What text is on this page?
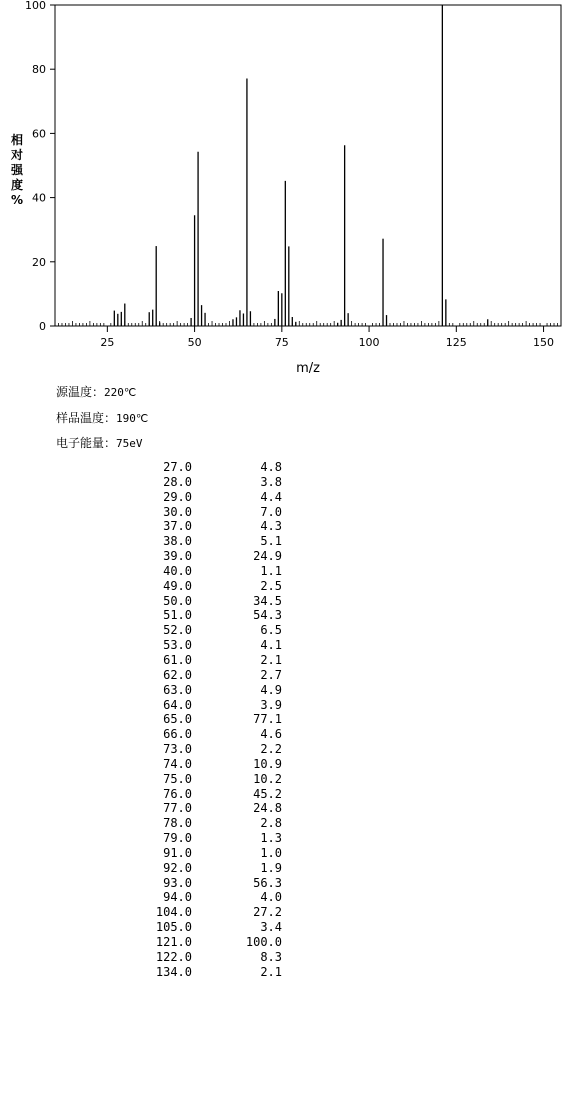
0
20
40
60
80
100
25	50	75	100	125	150
m/z
相
对
强
度
%
源温度：220℃
样品温度：190℃
电子能量：75eV
27.0	4.8
28.0	3.8
29.0	4.4
30.0	7.0
37.0	4.3
38.0	5.1
39.0	24.9
40.0	1.1
49.0	2.5
50.0	34.5
51.0	54.3
52.0	6.5
53.0	4.1
61.0	2.1
62.0	2.7
63.0	4.9
64.0	3.9
65.0	77.1
66.0	4.6
73.0	2.2
74.0	10.9
75.0	10.2
76.0	45.2
77.0	24.8
78.0	2.8
79.0	1.3
91.0	1.0
92.0	1.9
93.0	56.3
94.0	4.0
104.0	27.2
105.0	3.4
121.0	100.0
122.0	8.3
134.0	2.1
